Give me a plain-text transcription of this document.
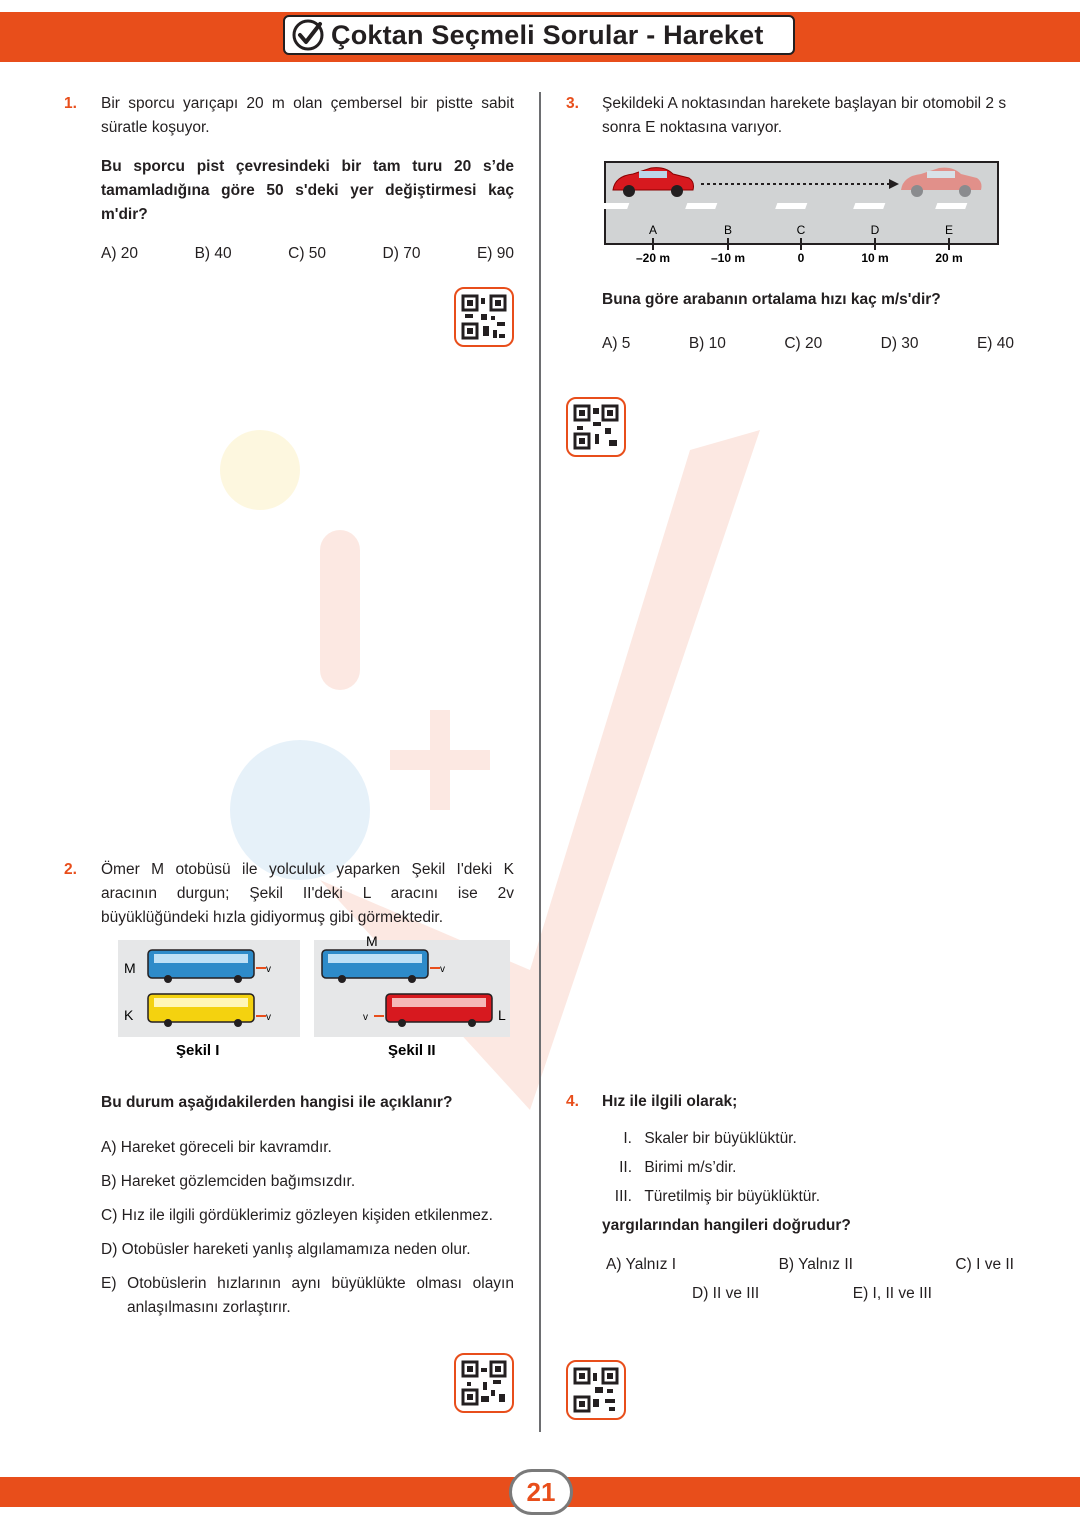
Çoktan Seçmeli Sorular - Hareket
1. Bir sporcu yarıçapı 20 m olan çembersel bir pistte sabit süratle koşuyor.
Bu sporcu pist çevresindeki bir tam turu 20 s’de tamamladığına göre 50 s'deki yer değiştirmesi kaç m'dir?
A) 20	B) 40	C) 50	D) 70	E) 90
2. Ömer M otobüsü ile yolculuk yaparken Şekil I'deki K aracının durgun; Şekil II'deki L aracını ise 2v büyüklüğündeki hızla gidiyormuş gibi görmektedir.
M
K
M
L
v
v
v
v
Şekil I	Şekil II
Bu durum aşağıdakilerden hangisi ile açıklanır?
A) Hareket göreceli bir kavramdır.
B) Hareket gözlemciden bağımsızdır.
C) Hız ile ilgili gördüklerimiz gözleyen kişiden etkilenmez.
D) Otobüsler hareketi yanlış algılamamıza neden olur.
E) Otobüslerin hızlarının aynı büyüklükte olması olayın anlaşılmasını zorlaştırır.
3. Şekildeki A noktasından harekete başlayan bir otomobil 2 s sonra E noktasına varıyor.
A
–20 m
B
–10 m
C
0
D
10 m
E
20 m
Buna göre arabanın ortalama hızı kaç m/s'dir?
A) 5	B) 10	C) 20	D) 30	E) 40
4. Hız ile ilgili olarak;
I. Skaler bir büyüklüktür.
II. Birimi m/s’dir.
III. Türetilmiş bir büyüklüktür.
yargılarından hangileri doğrudur?
A) Yalnız I	B) Yalnız II	C) I ve II
D) II ve III	E) I, II ve III
21
